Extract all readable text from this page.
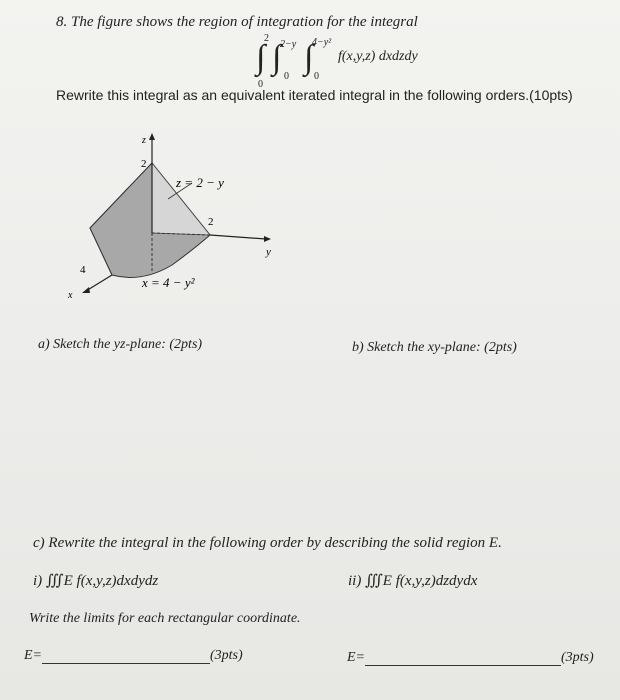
8. The figure shows the region of integration for the integral
2
∫
0
2−y
∫
0
4−y²
∫
0
f(x,y,z) dxdzdy
Rewrite this integral as an equivalent iterated integral in the following orders.(10pts)
z
2
z = 2 − y
2
y
4
x = 4 − y²
x
a) Sketch the yz-plane: (2pts)	b) Sketch the xy-plane: (2pts)
c) Rewrite the integral in the following order by describing the solid region E.
i) ∭E f(x,y,z)dxdydz	ii) ∭E f(x,y,z)dzdydx
Write the limits for each rectangular coordinate.
E=	(3pts)	E=	(3pts)
